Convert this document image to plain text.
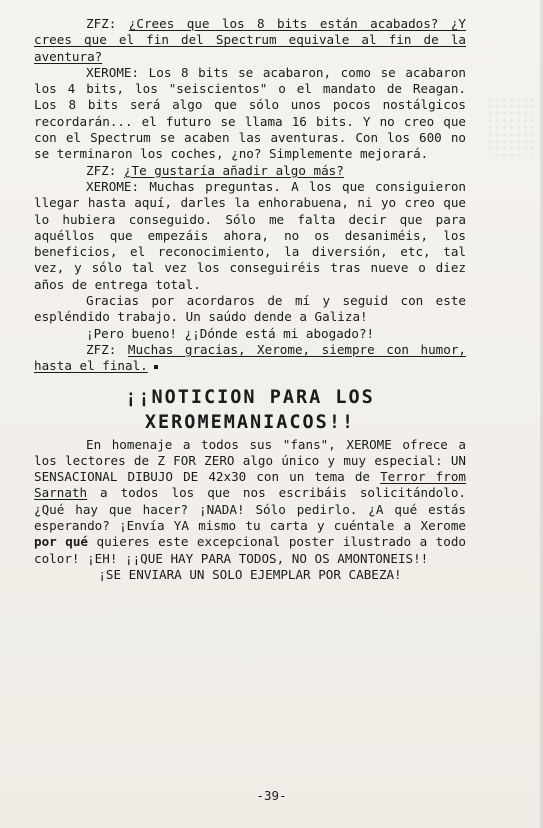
ZFZ: ¿Crees que los 8 bits están acabados? ¿Y crees que el fin del Spectrum equivale al fin de la aventura?

XEROME: Los 8 bits se acabaron, como se acabaron los 4 bits, los "seiscientos" o el mandato de Reagan. Los 8 bits será algo que sólo unos pocos nostálgicos recordarán... el futuro se llama 16 bits. Y no creo que con el Spectrum se acaben las aventuras. Con los 600 no se terminaron los coches, ¿no? Simplemente mejorará.

ZFZ: ¿Te gustaría añadir algo más?

XEROME: Muchas preguntas. A los que consiguieron llegar hasta aquí, darles la enhorabuena, ni yo creo que lo hubiera conseguido. Sólo me falta decir que para aquéllos que empezáis ahora, no os desaniméis, los beneficios, el reconocimiento, la diversión, etc, tal vez, y sólo tal vez los conseguiréis tras nueve o diez años de entrega total.

Gracias por acordaros de mí y seguid con este espléndido trabajo. Un saúdo dende a Galiza!

¡Pero bueno! ¿¡Dónde está mi abogado?!

ZFZ: Muchas gracias, Xerome, siempre con humor, hasta el final.

¡¡NOTICION PARA LOS
XEROMEMANIACOS!!

En homenaje a todos sus "fans", XEROME ofrece a los lectores de Z FOR ZERO algo único y muy especial: UN SENSACIONAL DIBUJO DE 42x30 con un tema de Terror from Sarnath a todos los que nos escribáis solicitándolo. ¿Qué hay que hacer? ¡NADA! Sólo pedirlo. ¿A qué estás esperando? ¡Envía YA mismo tu carta y cuéntale a Xerome por qué quieres este excepcional poster ilustrado a todo color! ¡EH! ¡¡QUE HAY PARA TODOS, NO OS AMONTONEIS!!

¡SE ENVIARA UN SOLO EJEMPLAR POR CABEZA!

-39-
